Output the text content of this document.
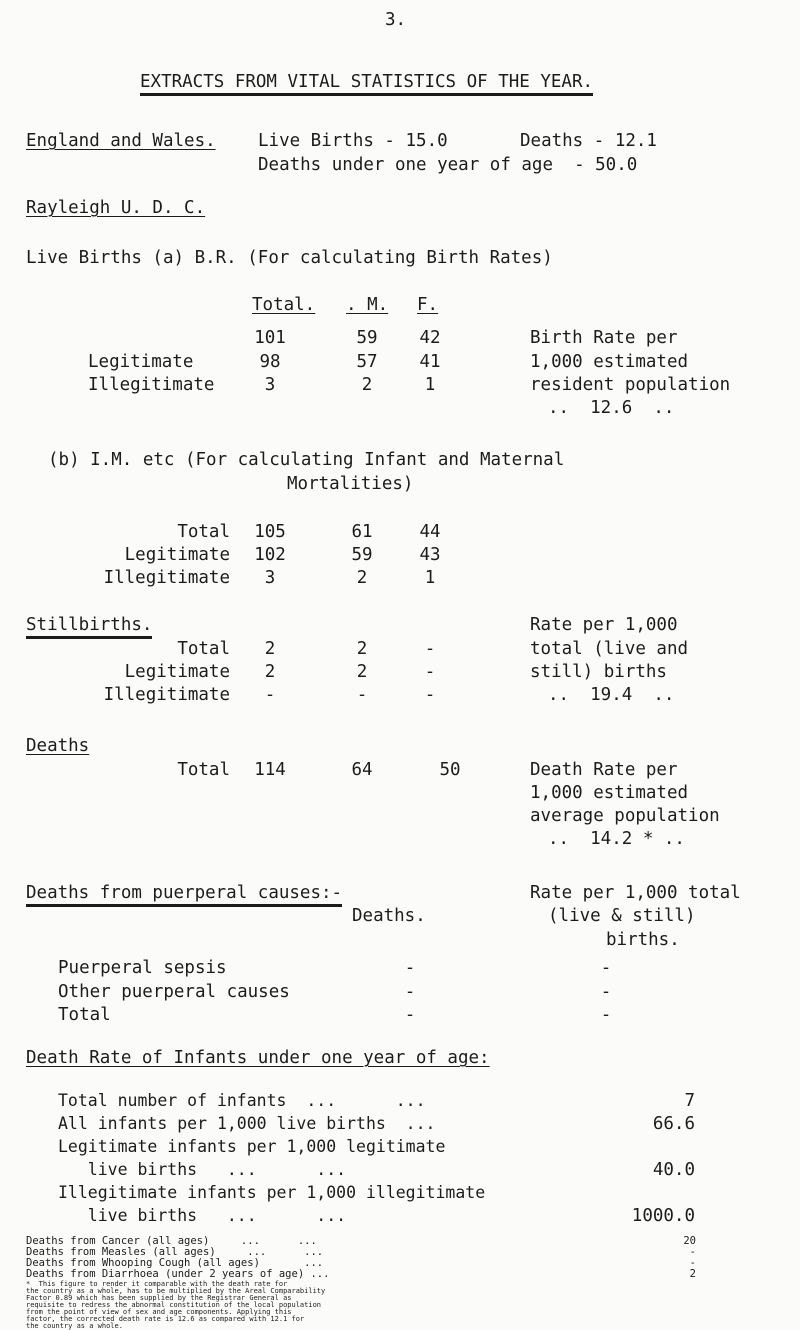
3.
EXTRACTS FROM VITAL STATISTICS OF THE YEAR.
England and Wales. Live Births - 15.0	Deaths - 12.1
Deaths under one year of age  - 50.0
Rayleigh U. D. C.
Live Births (a) B.R. (For calculating Birth Rates)
Total. . M. F.
101	59	42
Legitimate	98	57	41
Illegitimate	3	2	1
Birth Rate per
1,000 estimated
resident population
..  12.6  ..
(b) I.M. etc (For calculating Infant and Maternal
Mortalities)
Total 105	61	44
Legitimate 102	59	43
Illegitimate	3	2	1
Stillbirths.
Total	2	2	-
Legitimate	2	2	-
Illegitimate	-	-	-
Rate per 1,000
total (live and
still) births
..  19.4  ..
Deaths
Total 114	64	50	Death Rate per
1,000 estimated
average population
..  14.2 * ..
Deaths from puerperal causes:-
Deaths.
Rate per 1,000 total
(live & still)
births.
Puerperal sepsis	-	-
Other puerperal causes	-	-
Total	-	-
Death Rate of Infants under one year of age:
Total number of infants  ...      ...	7
All infants per 1,000 live births  ...	66.6
Legitimate infants per 1,000 legitimate
live births   ...      ...	40.0
Illegitimate infants per 1,000 illegitimate
live births   ...      ...	1000.0
Deaths from Cancer (all ages)     ...      ...	20
Deaths from Measles (all ages)     ...      ...	-
Deaths from Whooping Cough (all ages)       ...	-
Deaths from Diarrhoea (under 2 years of age) ...	2
*  This figure to render it comparable with the death rate for
the country as a whole, has to be multiplied by the Areal Comparability
Factor 0.89 which has been supplied by the Registrar General as
requisite to redress the abnormal constitution of the local population
from the point of view of sex and age components. Applying this
factor, the corrected death rate is 12.6 as compared with 12.1 for
the country as a whole.
